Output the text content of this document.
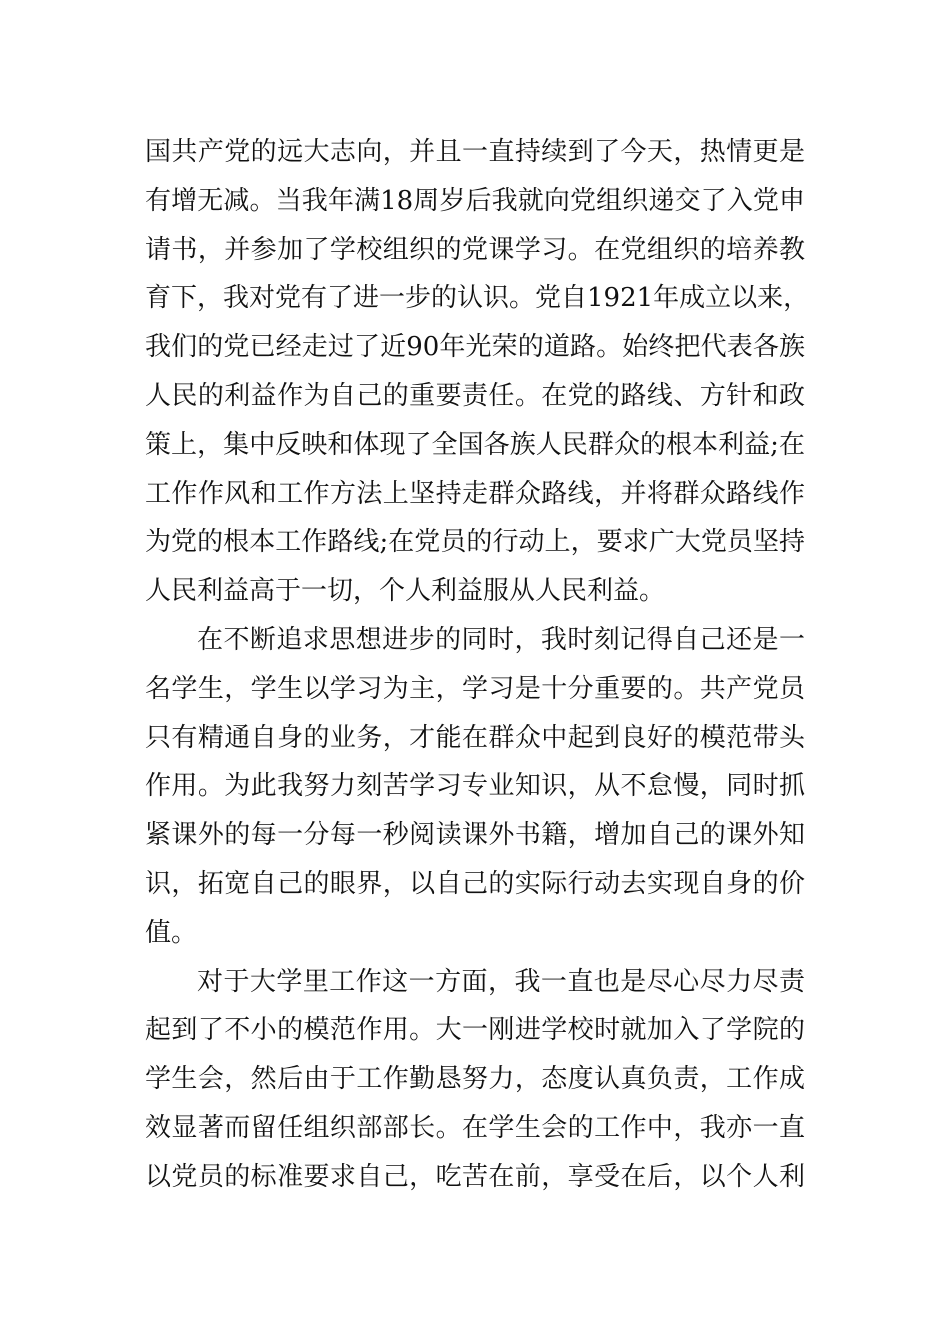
国共产党的远大志向，并且一直持续到了今天，热情更是
有增无减。当我年满18周岁后我就向党组织递交了入党申
请书，并参加了学校组织的党课学习。在党组织的培养教
育下，我对党有了进一步的认识。党自1921年成立以来，
我们的党已经走过了近90年光荣的道路。始终把代表各族
人民的利益作为自己的重要责任。在党的路线、方针和政
策上，集中反映和体现了全国各族人民群众的根本利益;在
工作作风和工作方法上坚持走群众路线，并将群众路线作
为党的根本工作路线;在党员的行动上，要求广大党员坚持
人民利益高于一切，个人利益服从人民利益。
在不断追求思想进步的同时，我时刻记得自己还是一
名学生，学生以学习为主，学习是十分重要的。共产党员
只有精通自身的业务，才能在群众中起到良好的模范带头
作用。为此我努力刻苦学习专业知识，从不怠慢，同时抓
紧课外的每一分每一秒阅读课外书籍，增加自己的课外知
识，拓宽自己的眼界，以自己的实际行动去实现自身的价
值。
对于大学里工作这一方面，我一直也是尽心尽力尽责
起到了不小的模范作用。大一刚进学校时就加入了学院的
学生会，然后由于工作勤恳努力，态度认真负责，工作成
效显著而留任组织部部长。在学生会的工作中，我亦一直
以党员的标准要求自己，吃苦在前，享受在后，以个人利
